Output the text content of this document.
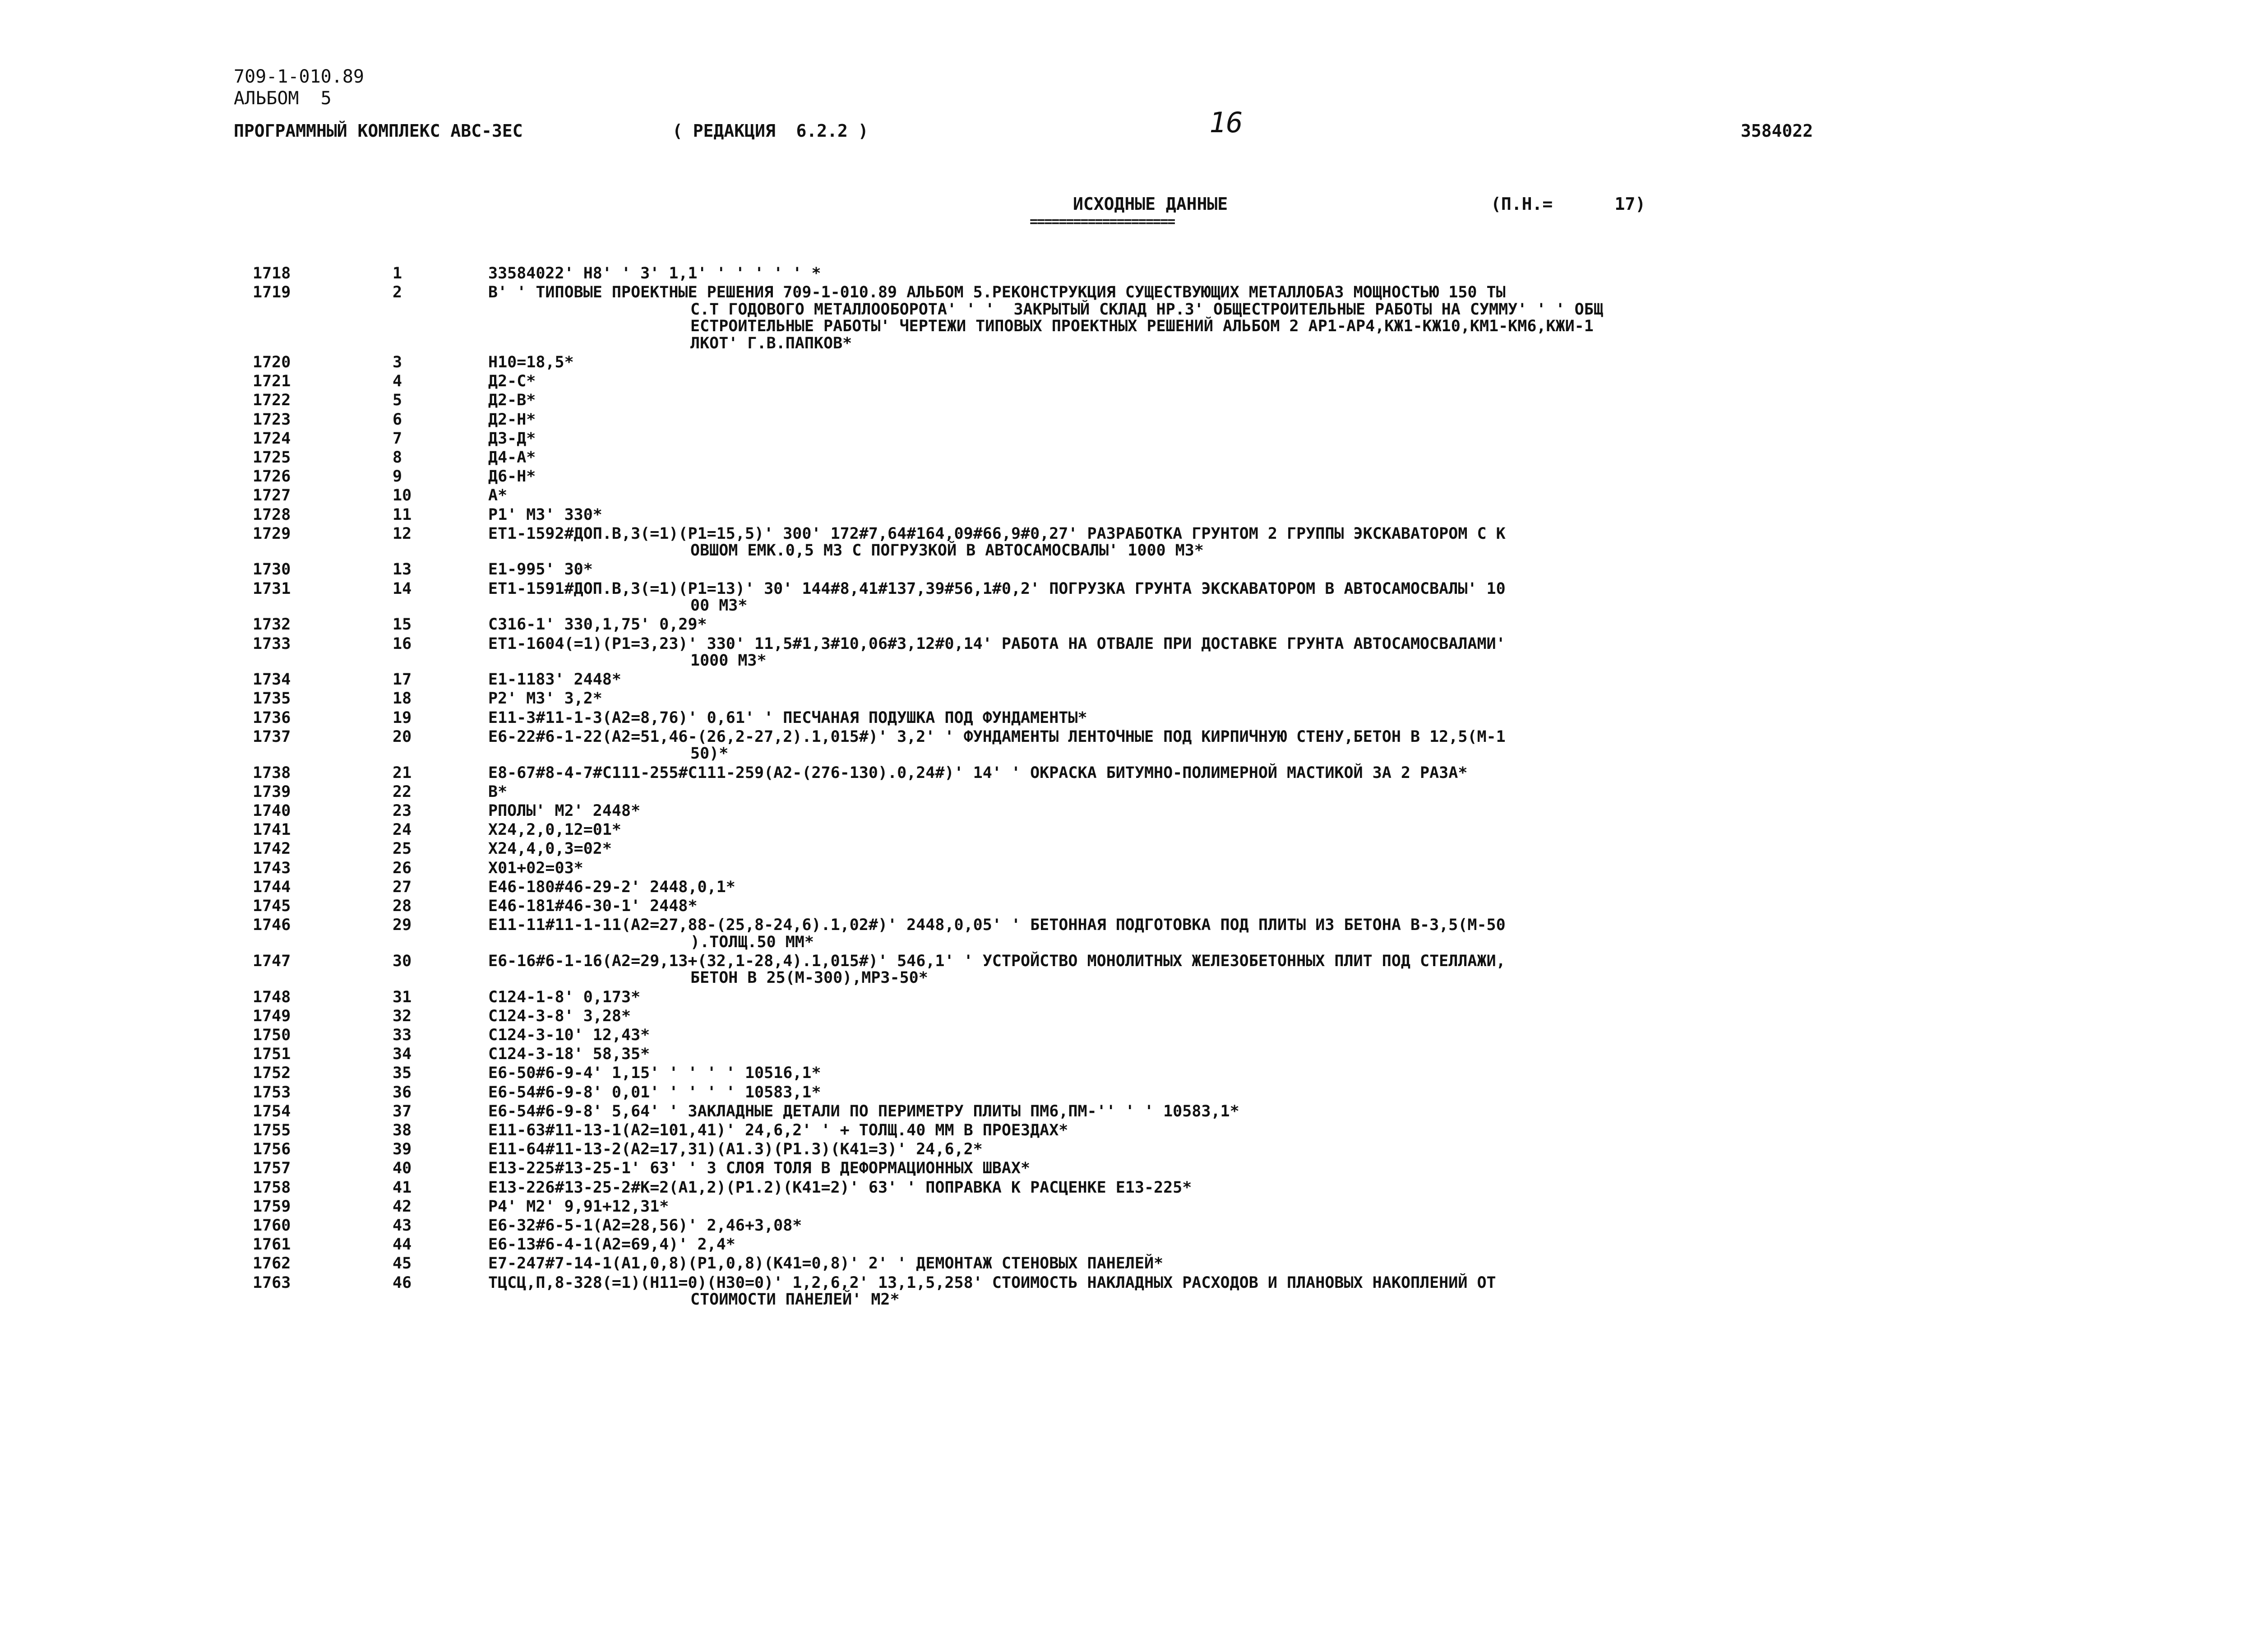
709-1-010.89
АЛЬБОМ  5
ПРОГРАММНЫЙ КОМПЛЕКС АВС-3ЕС	( РЕДАКЦИЯ  6.2.2 )	16	3584022
ИСХОДНЫЕ ДАННЫЕ
====================
(П.Н.=      17)
1718	1	33584022' Н8' ' 3' 1,1' ' ' ' ' ' *
1719	2	В' ' ТИПОВЫЕ ПРОЕКТНЫЕ РЕШЕНИЯ 709-1-010.89 АЛЬБОМ 5.РЕКОНСТРУКЦИЯ СУЩЕСТВУЮЩИХ МЕТАЛЛОБАЗ МОЩНОСТЬЮ 150 ТЫ
С.Т ГОДОВОГО МЕТАЛЛООБОРОТА' ' '  ЗАКРЫТЫЙ СКЛАД НР.3' ОБЩЕСТРОИТЕЛЬНЫЕ РАБОТЫ НА СУММУ' ' ' ОБЩ
ЕСТРОИТЕЛЬНЫЕ РАБОТЫ' ЧЕРТЕЖИ ТИПОВЫХ ПРОЕКТНЫХ РЕШЕНИЙ АЛЬБОМ 2 АР1-АР4,КЖ1-КЖ10,КМ1-КМ6,КЖИ-1
ЛКОТ' Г.В.ПАПКОВ*
1720	3	Н10=18,5*
1721	4	Д2-С*
1722	5	Д2-В*
1723	6	Д2-Н*
1724	7	Д3-Д*
1725	8	Д4-А*
1726	9	Д6-Н*
1727	10	А*
1728	11	Р1' М3' 330*
1729	12	ЕТ1-1592#ДОП.В,3(=1)(Р1=15,5)' 300' 172#7,64#164,09#66,9#0,27' РАЗРАБОТКА ГРУНТОМ 2 ГРУППЫ ЭКСКАВАТОРОМ С К
ОВШОМ ЕМК.0,5 М3 С ПОГРУЗКОЙ В АВТОСАМОСВАЛЫ' 1000 М3*
1730	13	Е1-995' 30*
1731	14	ЕТ1-1591#ДОП.В,3(=1)(Р1=13)' 30' 144#8,41#137,39#56,1#0,2' ПОГРУЗКА ГРУНТА ЭКСКАВАТОРОМ В АВТОСАМОСВАЛЫ' 10
00 М3*
1732	15	С316-1' 330,1,75' 0,29*
1733	16	ЕТ1-1604(=1)(Р1=3,23)' 330' 11,5#1,3#10,06#3,12#0,14' РАБОТА НА ОТВАЛЕ ПРИ ДОСТАВКЕ ГРУНТА АВТОСАМОСВАЛАМИ'
1000 М3*
1734	17	Е1-1183' 2448*
1735	18	Р2' М3' 3,2*
1736	19	Е11-3#11-1-3(А2=8,76)' 0,61' ' ПЕСЧАНАЯ ПОДУШКА ПОД ФУНДАМЕНТЫ*
1737	20	Е6-22#6-1-22(А2=51,46-(26,2-27,2).1,015#)' 3,2' ' ФУНДАМЕНТЫ ЛЕНТОЧНЫЕ ПОД КИРПИЧНУЮ СТЕНУ,БЕТОН В 12,5(М-1
50)*
1738	21	Е8-67#8-4-7#С111-255#С111-259(А2-(276-130).0,24#)' 14' ' ОКРАСКА БИТУМНО-ПОЛИМЕРНОЙ МАСТИКОЙ ЗА 2 РАЗА*
1739	22	В*
1740	23	РПОЛЫ' М2' 2448*
1741	24	Х24,2,0,12=01*
1742	25	Х24,4,0,3=02*
1743	26	Х01+02=03*
1744	27	Е46-180#46-29-2' 2448,0,1*
1745	28	Е46-181#46-30-1' 2448*
1746	29	Е11-11#11-1-11(А2=27,88-(25,8-24,6).1,02#)' 2448,0,05' ' БЕТОННАЯ ПОДГОТОВКА ПОД ПЛИТЫ ИЗ БЕТОНА В-3,5(М-50
).ТОЛЩ.50 ММ*
1747	30	Е6-16#6-1-16(А2=29,13+(32,1-28,4).1,015#)' 546,1' ' УСТРОЙСТВО МОНОЛИТНЫХ ЖЕЛЕЗОБЕТОННЫХ ПЛИТ ПОД СТЕЛЛАЖИ,
БЕТОН В 25(М-300),МРЗ-50*
1748	31	С124-1-8' 0,173*
1749	32	С124-3-8' 3,28*
1750	33	С124-3-10' 12,43*
1751	34	С124-3-18' 58,35*
1752	35	Е6-50#6-9-4' 1,15' ' ' ' ' 10516,1*
1753	36	Е6-54#6-9-8' 0,01' ' ' ' ' 10583,1*
1754	37	Е6-54#6-9-8' 5,64' ' ЗАКЛАДНЫЕ ДЕТАЛИ ПО ПЕРИМЕТРУ ПЛИТЫ ПМ6,ПМ-'' ' ' 10583,1*
1755	38	Е11-63#11-13-1(А2=101,41)' 24,6,2' ' + ТОЛЩ.40 ММ В ПРОЕЗДАХ*
1756	39	Е11-64#11-13-2(А2=17,31)(А1.3)(Р1.3)(К41=3)' 24,6,2*
1757	40	Е13-225#13-25-1' 63' ' 3 СЛОЯ ТОЛЯ В ДЕФОРМАЦИОННЫХ ШВАХ*
1758	41	Е13-226#13-25-2#К=2(А1,2)(Р1.2)(К41=2)' 63' ' ПОПРАВКА К РАСЦЕНКЕ Е13-225*
1759	42	Р4' М2' 9,91+12,31*
1760	43	Е6-32#6-5-1(А2=28,56)' 2,46+3,08*
1761	44	Е6-13#6-4-1(А2=69,4)' 2,4*
1762	45	Е7-247#7-14-1(А1,0,8)(Р1,0,8)(К41=0,8)' 2' ' ДЕМОНТАЖ СТЕНОВЫХ ПАНЕЛЕЙ*
1763	46	ТЦСЦ,П,8-328(=1)(Н11=0)(Н30=0)' 1,2,6,2' 13,1,5,258' СТОИМОСТЬ НАКЛАДНЫХ РАСХОДОВ И ПЛАНОВЫХ НАКОПЛЕНИЙ ОТ
СТОИМОСТИ ПАНЕЛЕЙ' М2*
